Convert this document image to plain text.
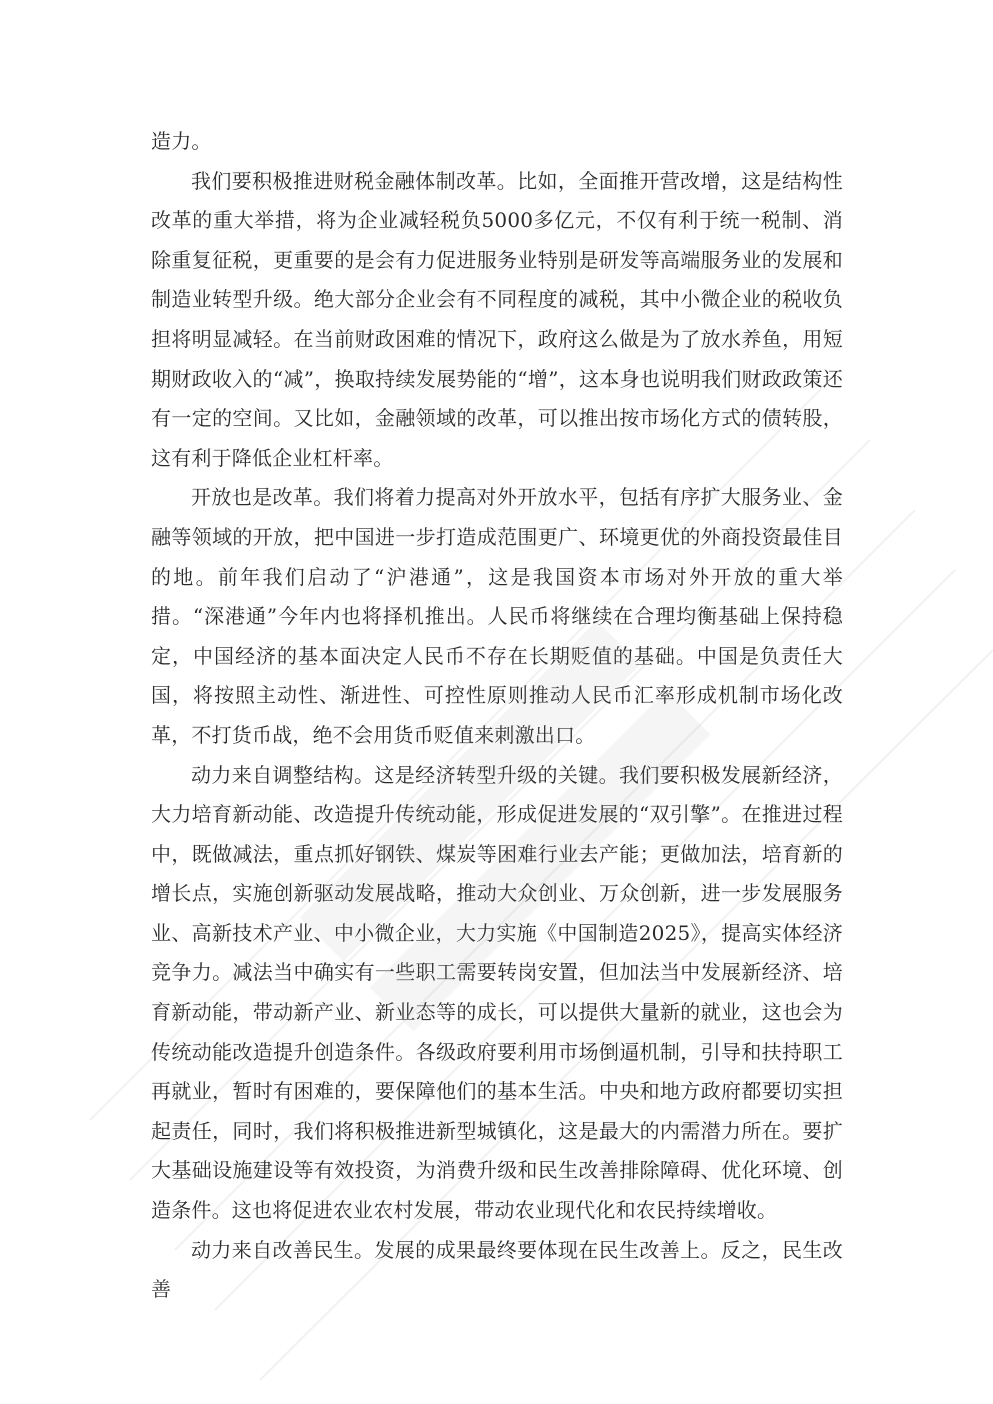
造力。

我们要积极推进财税金融体制改革。比如，全面推开营改增，这是结构性改革的重大举措，将为企业减轻税负5000多亿元，不仅有利于统一税制、消除重复征税，更重要的是会有力促进服务业特别是研发等高端服务业的发展和制造业转型升级。绝大部分企业会有不同程度的减税，其中小微企业的税收负担将明显减轻。在当前财政困难的情况下，政府这么做是为了放水养鱼，用短期财政收入的“减”，换取持续发展势能的“增”，这本身也说明我们财政政策还有一定的空间。又比如，金融领域的改革，可以推出按市场化方式的债转股，这有利于降低企业杠杆率。

开放也是改革。我们将着力提高对外开放水平，包括有序扩大服务业、金融等领域的开放，把中国进一步打造成范围更广、环境更优的外商投资最佳目的地。前年我们启动了“沪港通”，这是我国资本市场对外开放的重大举措。“深港通”今年内也将择机推出。人民币将继续在合理均衡基础上保持稳定，中国经济的基本面决定人民币不存在长期贬值的基础。中国是负责任大国，将按照主动性、渐进性、可控性原则推动人民币汇率形成机制市场化改革，不打货币战，绝不会用货币贬值来刺激出口。

动力来自调整结构。这是经济转型升级的关键。我们要积极发展新经济，大力培育新动能、改造提升传统动能，形成促进发展的“双引擎”。在推进过程中，既做减法，重点抓好钢铁、煤炭等困难行业去产能；更做加法，培育新的增长点，实施创新驱动发展战略，推动大众创业、万众创新，进一步发展服务业、高新技术产业、中小微企业，大力实施《中国制造2025》，提高实体经济竞争力。减法当中确实有一些职工需要转岗安置，但加法当中发展新经济、培育新动能，带动新产业、新业态等的成长，可以提供大量新的就业，这也会为传统动能改造提升创造条件。各级政府要利用市场倒逼机制，引导和扶持职工再就业，暂时有困难的，要保障他们的基本生活。中央和地方政府都要切实担起责任，同时，我们将积极推进新型城镇化，这是最大的内需潜力所在。要扩大基础设施建设等有效投资，为消费升级和民生改善排除障碍、优化环境、创造条件。这也将促进农业农村发展，带动农业现代化和农民持续增收。

动力来自改善民生。发展的成果最终要体现在民生改善上。反之，民生改善
